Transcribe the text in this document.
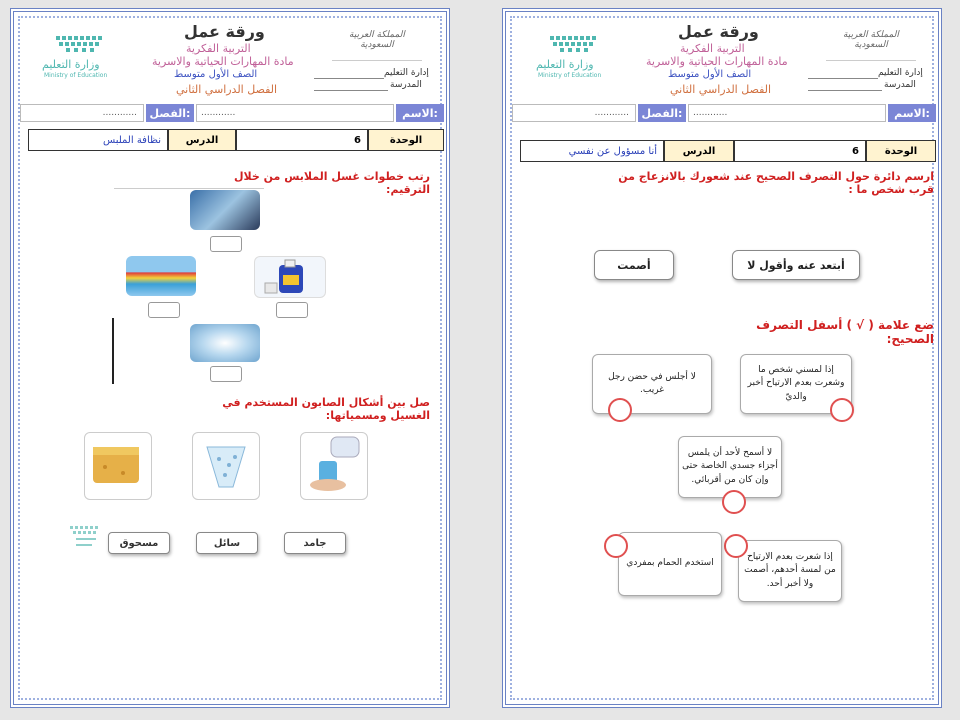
ورقة عمل
التربية الفكرية
مادة المهارات الحياتية والاسرية
الصف الأول متوسط
الفصل الدراسي الثاني
وزارة التعليم
Ministry of Education
المملكة العربية السعودية
إدارة التعليم
المدرسة
الاسم:
............
الفصل:
............
الوحدة
6
الدرس
نظافة الملبس
رتب خطوات غسل الملابس من خلال الترقيم:
صل بين أشكال الصابون المستخدم في الغسيل ومسمياتها:
مسحوق	سائل	جامد
ورقة عمل
التربية الفكرية
مادة المهارات الحياتية والاسرية
الصف الأول متوسط
الفصل الدراسي الثاني
وزارة التعليم
Ministry of Education
المملكة العربية السعودية
إدارة التعليم
المدرسة
الاسم:
............
الفصل:
............
الوحدة
6
الدرس
أنا مسؤول عن نفسي
ارسم دائرة حول التصرف الصحيح عند شعورك بالانزعاج من قرب شخص ما :
أصمت	أبتعد عنه وأقول لا
ضع علامة ( √ ) أسفل التصرف الصحيح:
إذا لمسني شخص ما وشعرت بعدم الارتياح أخبر والديّ
لا أجلس في حضن رجل غريب.
لا أسمح لأحد أن يلمس أجزاء جسدي الخاصة حتى وإن كان من أقربائي.
إذا شعرت بعدم الارتياح من لمسة أحدهم، أصمت ولا أخبر أحد.
استخدم الحمام بمفردي
